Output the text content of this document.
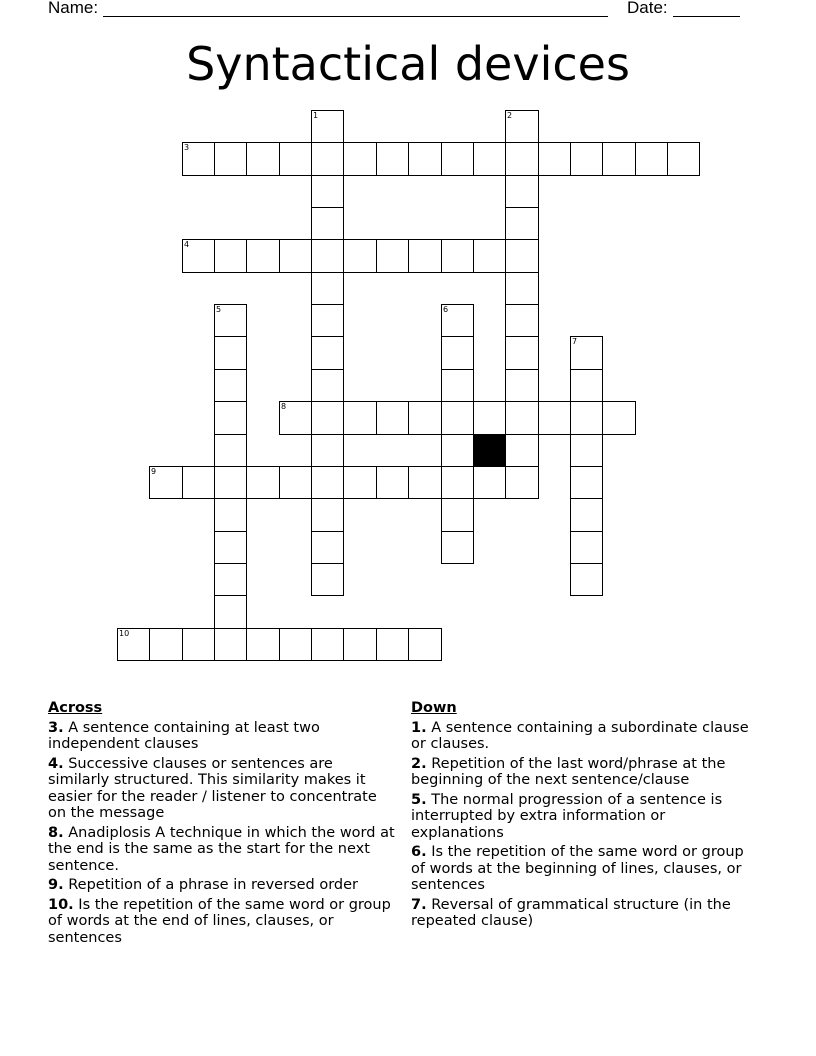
Name:	Date:
Syntactical devices
1	2
3
4
5	6
7
8
9
10
Across
3. A sentence containing at least two independent clauses
4. Successive clauses or sentences are similarly structured. This similarity makes it easier for the reader / listener to concentrate on the message
8. Anadiplosis A technique in which the word at the end is the same as the start for the next sentence.
9. Repetition of a phrase in reversed order
10. Is the repetition of the same word or group of words at the end of lines, clauses, or sentences
Down
1. A sentence containing a subordinate clause or clauses.
2. Repetition of the last word/phrase at the beginning of the next sentence/clause
5. The normal progression of a sentence is interrupted by extra information or explanations
6. Is the repetition of the same word or group of words at the beginning of lines, clauses, or sentences
7. Reversal of grammatical structure (in the repeated clause)
